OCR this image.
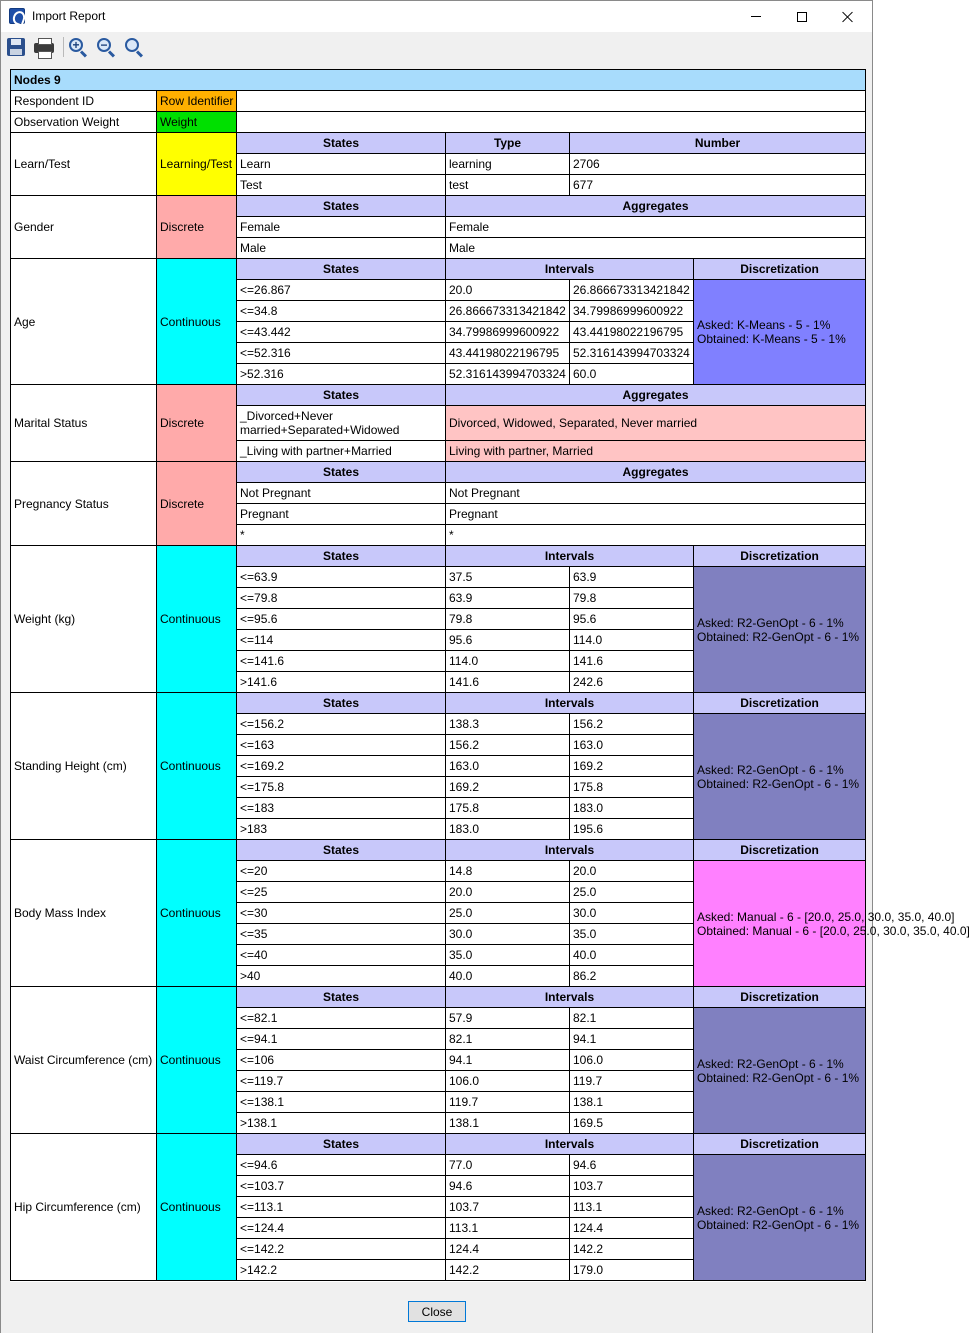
Import Report
+ −
Nodes 9					
Respondent ID	Row Identifier				
Observation Weight	Weight				
Learn/Test	Learning/Test	States	Type	Number	
		Learn	learning	2706	
		Test	test	677	
Gender	Discrete	States	Aggregates		
		Female	Female		
		Male	Male		
Age	Continuous	States	Intervals		Discretization
		<=26.867	20.0	26.866673313421842	Asked: K-Means - 5 - 1%
Obtained: K-Means - 5 - 1%

		<=34.8	26.866673313421842	34.79986999600922	
		<=43.442	34.79986999600922	43.44198022196795	
		<=52.316	43.44198022196795	52.316143994703324	
		>52.316	52.316143994703324	60.0	
Marital Status	Discrete	States	Aggregates		
		_Divorced+Never married+Separated+Widowed	Divorced, Widowed, Separated, Never married		
		_Living with partner+Married	Living with partner, Married		
Pregnancy Status	Discrete	States	Aggregates		
		Not Pregnant	Not Pregnant		
		Pregnant	Pregnant		
		*	*		
Weight (kg)	Continuous	States	Intervals		Discretization
		<=63.9	37.5	63.9	Asked: R2-GenOpt - 6 - 1%
Obtained: R2-GenOpt - 6 - 1%

		<=79.8	63.9	79.8	
		<=95.6	79.8	95.6	
		<=114	95.6	114.0	
		<=141.6	114.0	141.6	
		>141.6	141.6	242.6	
Standing Height (cm)	Continuous	States	Intervals		Discretization
		<=156.2	138.3	156.2	Asked: R2-GenOpt - 6 - 1%
Obtained: R2-GenOpt - 6 - 1%

		<=163	156.2	163.0	
		<=169.2	163.0	169.2	
		<=175.8	169.2	175.8	
		<=183	175.8	183.0	
		>183	183.0	195.6	
Body Mass Index	Continuous	States	Intervals		Discretization
		<=20	14.8	20.0	Asked: Manual - 6 - [20.0, 25.0, 30.0, 35.0, 40.0]
Obtained: Manual - 6 - [20.0, 25.0, 30.0, 35.0, 40.0]

		<=25	20.0	25.0	
		<=30	25.0	30.0	
		<=35	30.0	35.0	
		<=40	35.0	40.0	
		>40	40.0	86.2	
Waist Circumference (cm)	Continuous	States	Intervals		Discretization
		<=82.1	57.9	82.1	Asked: R2-GenOpt - 6 - 1%
Obtained: R2-GenOpt - 6 - 1%

		<=94.1	82.1	94.1	
		<=106	94.1	106.0	
		<=119.7	106.0	119.7	
		<=138.1	119.7	138.1	
		>138.1	138.1	169.5	
Hip Circumference (cm)	Continuous	States	Intervals		Discretization
		<=94.6	77.0	94.6	Asked: R2-GenOpt - 6 - 1%
Obtained: R2-GenOpt - 6 - 1%

		<=103.7	94.6	103.7	
		<=113.1	103.7	113.1	
		<=124.4	113.1	124.4	
		<=142.2	124.4	142.2	
		>142.2	142.2	179.0	
Close
